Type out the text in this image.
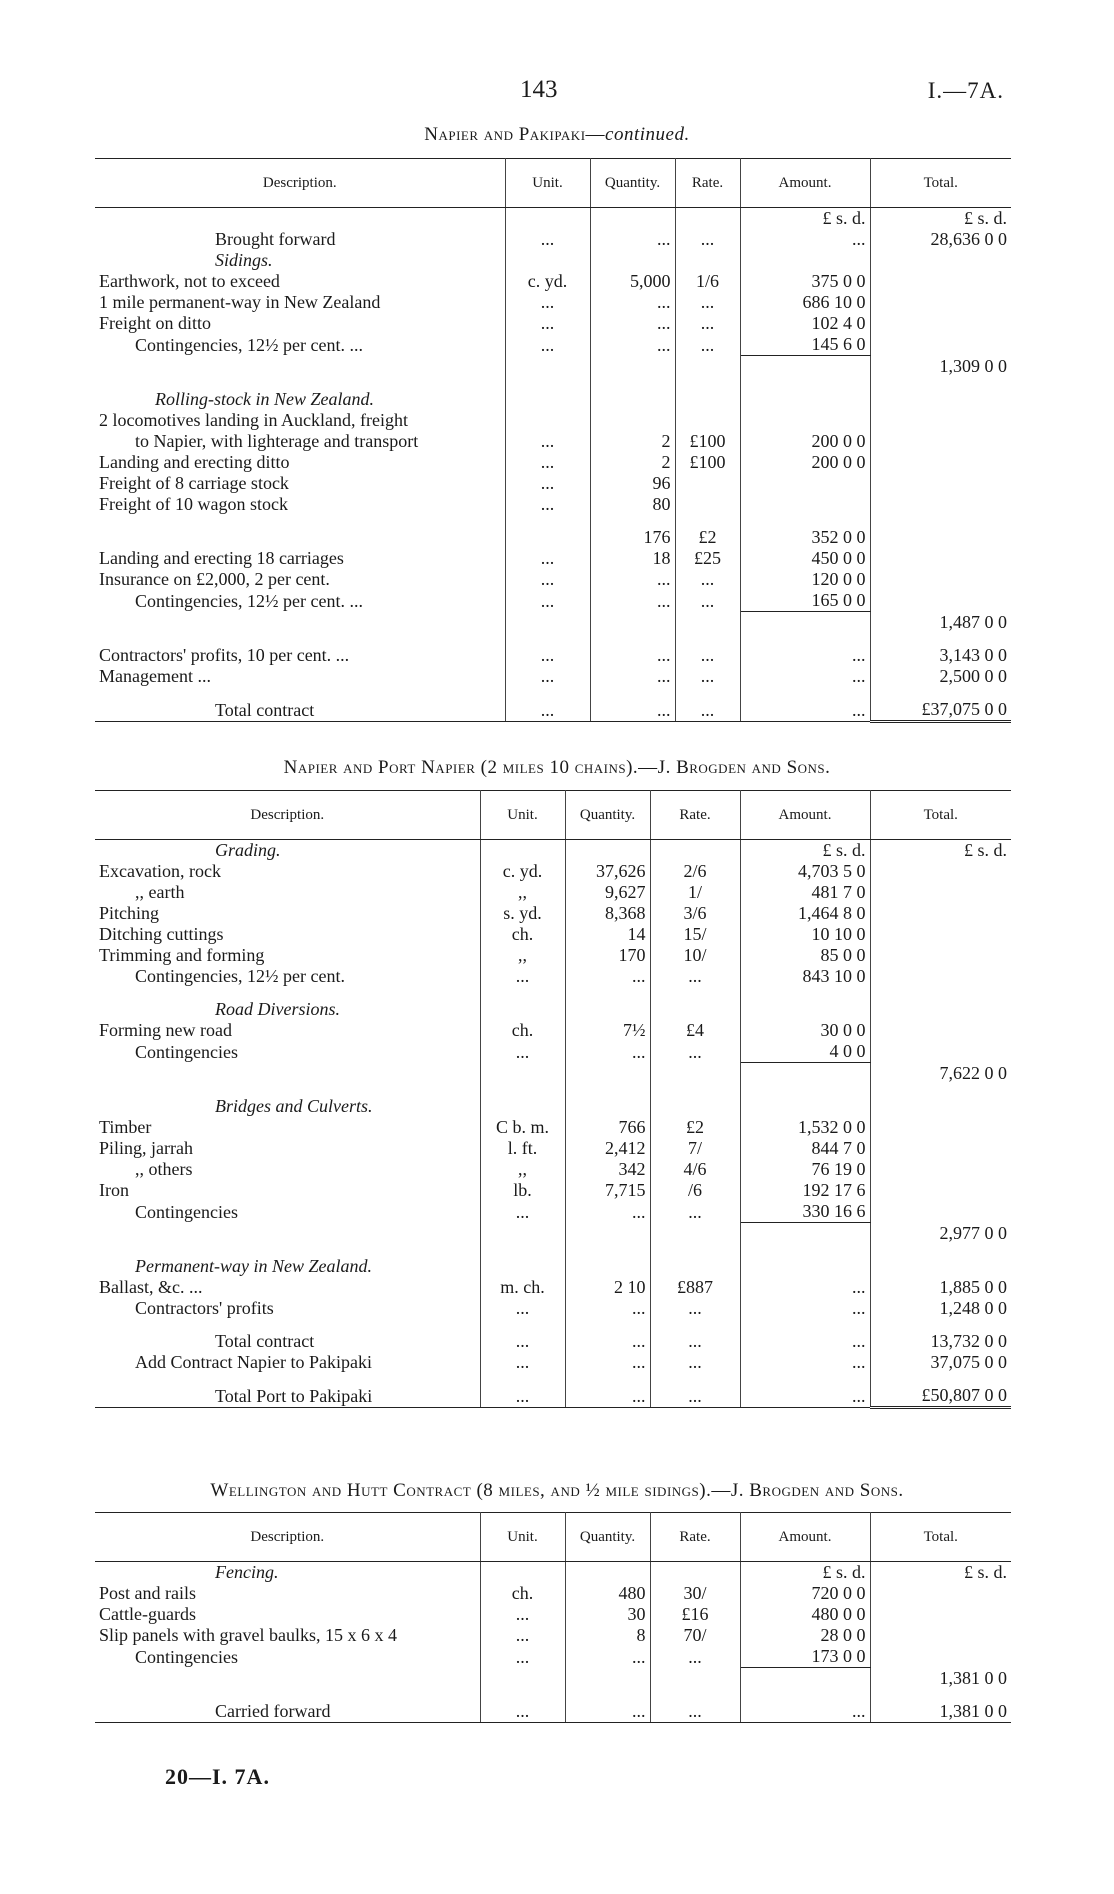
143	I.—7A.
Napier and Pakipaki—continued.
Description.	Unit.	Quantity.	Rate.	Amount.	Total.
				£ s. d.	£ s. d.
Brought forward	...	...	...	...	28,636 0 0
Sidings.					
Earthwork, not to exceed	c. yd.	5,000	1/6	375 0 0	
1 mile permanent-way in New Zealand	...	...	...	686 10 0	
Freight on ditto	...	...	...	102 4 0	
Contingencies, 12½ per cent. ...	...	...	...	145 6 0	
					1,309 0 0

Rolling-stock in New Zealand.					
2 locomotives landing in Auckland, freight					
to Napier, with lighterage and transport	...	2	£100	200 0 0	
Landing and erecting ditto	...	2	£100	200 0 0	
Freight of 8 carriage stock	...	96			
Freight of 10 wagon stock	...	80			

		176	£2	352 0 0	
Landing and erecting 18 carriages	...	18	£25	450 0 0	
Insurance on £2,000, 2 per cent.	...	...	...	120 0 0	
Contingencies, 12½ per cent. ...	...	...	...	165 0 0	
					1,487 0 0

Contractors' profits, 10 per cent. ...	...	...	...	...	3,143 0 0
Management ...	...	...	...	...	2,500 0 0

Total contract	...	...	...	...	£37,075 0 0
Napier and Port Napier (2 miles 10 chains).—J. Brogden and Sons.
Description.	Unit.	Quantity.	Rate.	Amount.	Total.
Grading.				£ s. d.	£ s. d.
Excavation, rock	c. yd.	37,626	2/6	4,703 5 0	
,, earth	,,	9,627	1/	481 7 0	
Pitching	s. yd.	8,368	3/6	1,464 8 0	
Ditching cuttings	ch.	14	15/	10 10 0	
Trimming and forming	,,	170	10/	85 0 0	
Contingencies, 12½ per cent.	...	...	...	843 10 0	

Road Diversions.					
Forming new road	ch.	7½	£4	30 0 0	
Contingencies	...	...	...	4 0 0	
					7,622 0 0

Bridges and Culverts.					
Timber	C b. m.	766	£2	1,532 0 0	
Piling, jarrah	l. ft.	2,412	7/	844 7 0	
,, others	,,	342	4/6	76 19 0	
Iron	lb.	7,715	/6	192 17 6	
Contingencies	...	...	...	330 16 6	
					2,977 0 0

Permanent-way in New Zealand.					
Ballast, &c. ...	m. ch.	2 10	£887	...	1,885 0 0
Contractors' profits	...	...	...	...	1,248 0 0

Total contract	...	...	...	...	13,732 0 0
Add Contract Napier to Pakipaki	...	...	...	...	37,075 0 0

Total Port to Pakipaki	...	...	...	...	£50,807 0 0
Wellington and Hutt Contract (8 miles, and ½ mile sidings).—J. Brogden and Sons.
Description.	Unit.	Quantity.	Rate.	Amount.	Total.
Fencing.				£ s. d.	£ s. d.
Post and rails	ch.	480	30/	720 0 0	
Cattle-guards	...	30	£16	480 0 0	
Slip panels with gravel baulks, 15 x 6 x 4	...	8	70/	28 0 0	
Contingencies	...	...	...	173 0 0	
					1,381 0 0

Carried forward	...	...	...	...	1,381 0 0
20—I. 7A.
